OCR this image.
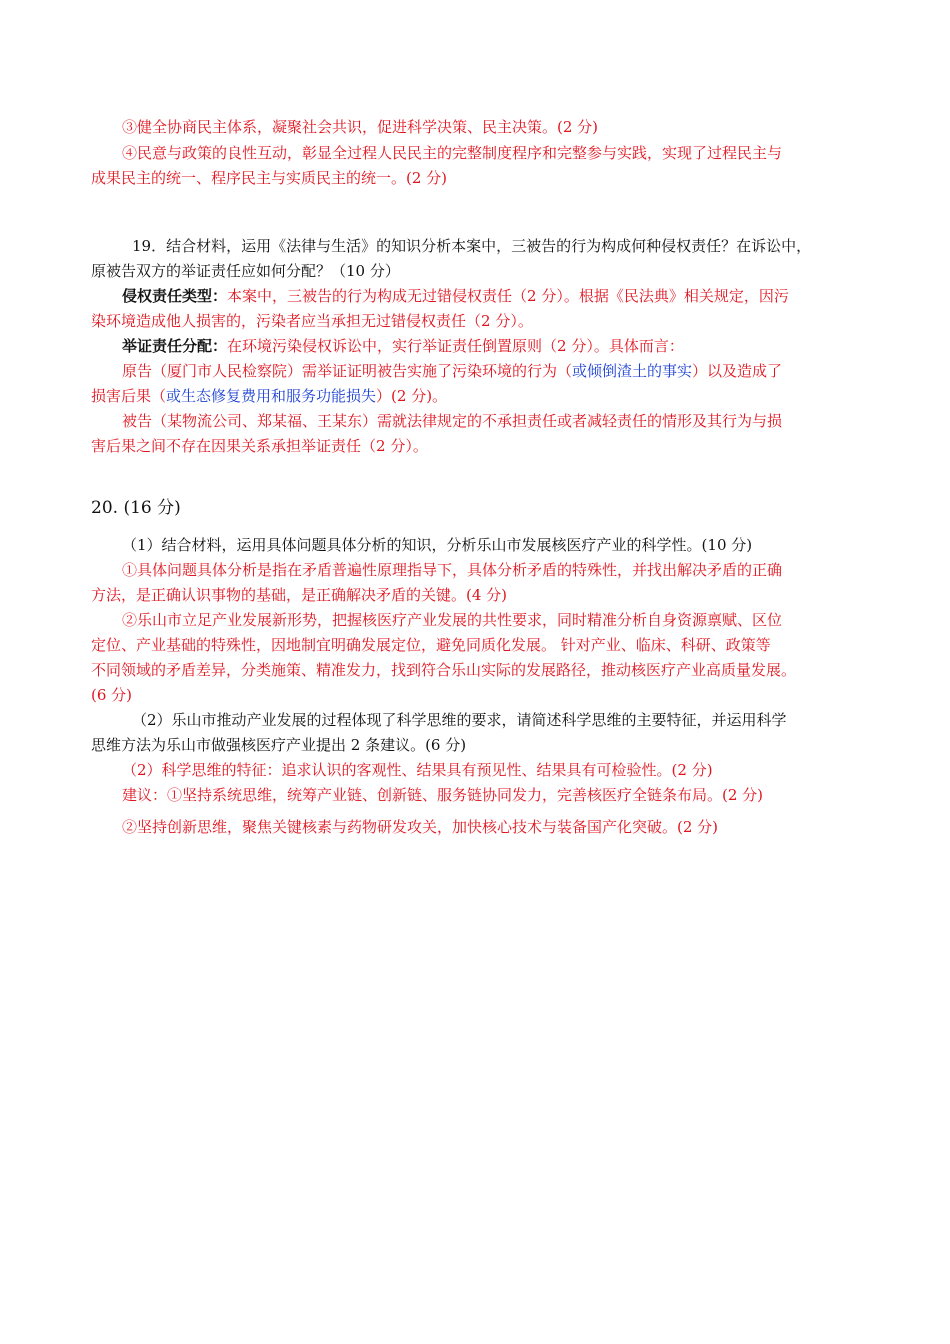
③健全协商民主体系，凝聚社会共识，促进科学决策、民主决策。(2 分)
④民意与政策的良性互动，彰显全过程人民民主的完整制度程序和完整参与实践，实现了过程民主与
成果民主的统一、程序民主与实质民主的统一。(2 分)
19．结合材料，运用《法律与生活》的知识分析本案中，三被告的行为构成何种侵权责任？在诉讼中，
原被告双方的举证责任应如何分配？（10 分）
侵权责任类型：本案中，三被告的行为构成无过错侵权责任（2 分）。根据《民法典》相关规定，因污
染环境造成他人损害的，污染者应当承担无过错侵权责任（2 分）。
举证责任分配：在环境污染侵权诉讼中，实行举证责任倒置原则（2 分）。具体而言：
原告（厦门市人民检察院）需举证证明被告实施了污染环境的行为（或倾倒渣土的事实）以及造成了
损害后果（或生态修复费用和服务功能损失）(2 分)。
被告（某物流公司、郑某福、王某东）需就法律规定的不承担责任或者减轻责任的情形及其行为与损
害后果之间不存在因果关系承担举证责任（2 分）。
20. (16 分)
（1）结合材料，运用具体问题具体分析的知识，分析乐山市发展核医疗产业的科学性。(10 分)
①具体问题具体分析是指在矛盾普遍性原理指导下，具体分析矛盾的特殊性，并找出解决矛盾的正确
方法，是正确认识事物的基础，是正确解决矛盾的关键。(4 分)
②乐山市立足产业发展新形势，把握核医疗产业发展的共性要求，同时精准分析自身资源禀赋、区位
定位、产业基础的特殊性，因地制宜明确发展定位，避免同质化发展。 针对产业、临床、科研、政策等
不同领域的矛盾差异，分类施策、精准发力，找到符合乐山实际的发展路径，推动核医疗产业高质量发展。
(6 分)
（2）乐山市推动产业发展的过程体现了科学思维的要求，请简述科学思维的主要特征，并运用科学
思维方法为乐山市做强核医疗产业提出 2 条建议。(6 分)
（2）科学思维的特征：追求认识的客观性、结果具有预见性、结果具有可检验性。(2 分)
建议：①坚持系统思维，统筹产业链、创新链、服务链协同发力，完善核医疗全链条布局。(2 分)
②坚持创新思维，聚焦关键核素与药物研发攻关，加快核心技术与装备国产化突破。(2 分)
